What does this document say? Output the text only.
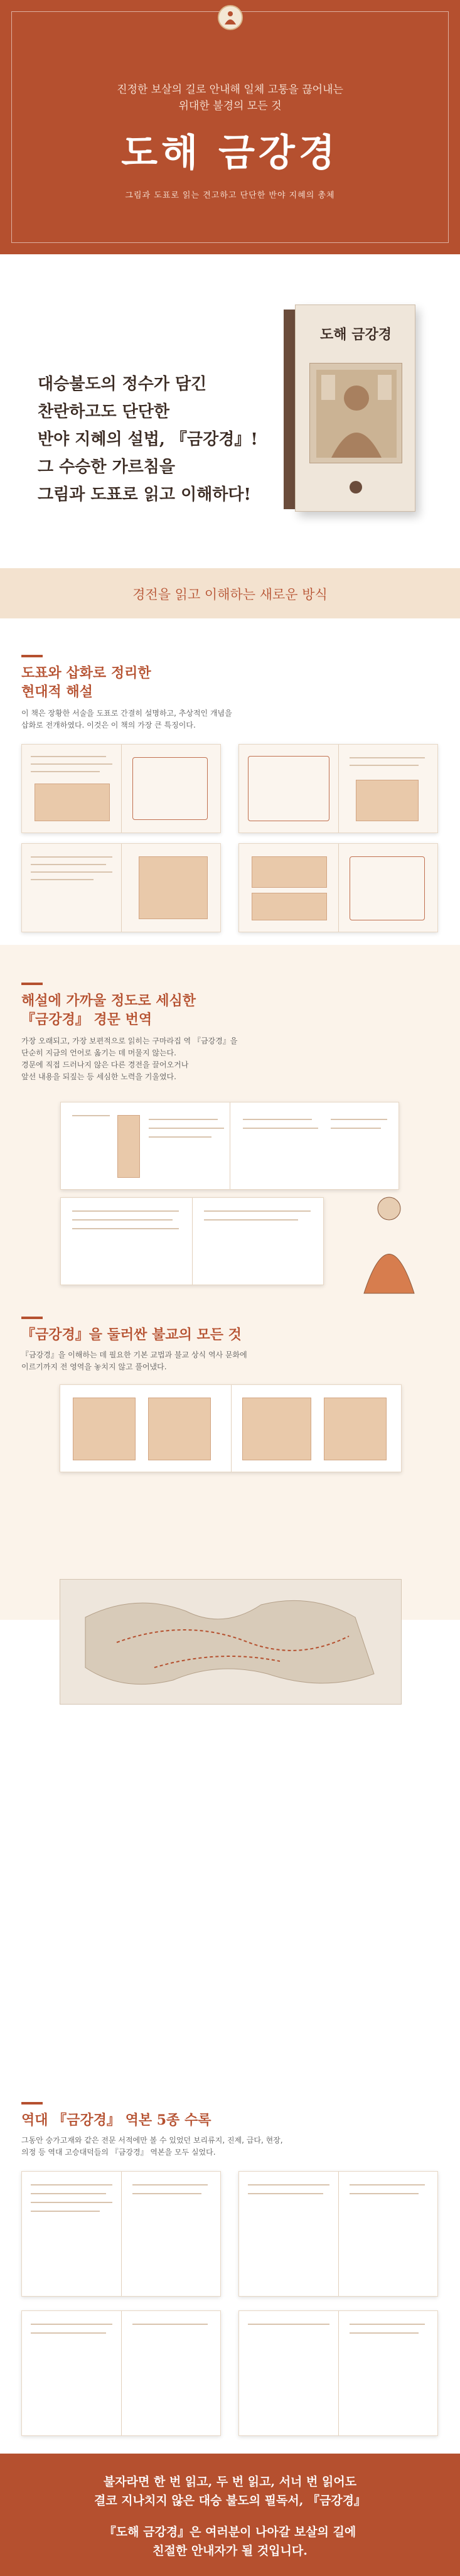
진정한 보살의 길로 안내해 일체 고통을 끊어내는
위대한 불경의 모든 것
도해 금강경
그림과 도표로 읽는 견고하고 단단한 반야 지혜의 총체
대승불도의 정수가 담긴
찬란하고도 단단한
반야 지혜의 설법, 『금강경』!
그 수승한 가르침을
그림과 도표로 읽고 이해하다!
도해 금강경
경전을 읽고 이해하는 새로운 방식
도표와 삽화로 정리한
현대적 해설
이 책은 장황한 서술을 도표로 간결히 설명하고, 추상적인 개념을
삽화로 전개하였다. 이것은 이 책의 가장 큰 특징이다.
해설에 가까울 정도로 세심한
『금강경』 경문 번역
가장 오래되고, 가장 보편적으로 읽히는 구마라집 역 『금강경』을
단순히 지금의 언어로 옮기는 데 머물지 않는다.
경문에 직접 드러나지 않은 다른 경전을 끌어오거나
앞선 내용을 되짚는 등 세심한 노력을 기울였다.
『금강경』을 둘러싼 불교의 모든 것
『금강경』을 이해하는 데 필요한 기본 교법과 불교 상식 역사 문화에
이르기까지 전 영역을 놓치지 않고 풀어냈다.
역대 『금강경』 역본 5종 수록
그동안 숭가고재와 같은 전문 서적에만 볼 수 있었던 보리류지, 진제, 급다, 현장,
의정 등 역대 고승대덕들의 『금강경』 역본을 모두 실었다.
불자라면 한 번 읽고, 두 번 읽고, 서너 번 읽어도
결코 지나치지 않은 대승 불도의 필독서, 『금강경』
『도해 금강경』은 여러분이 나아갈 보살의 길에
친절한 안내자가 될 것입니다.
